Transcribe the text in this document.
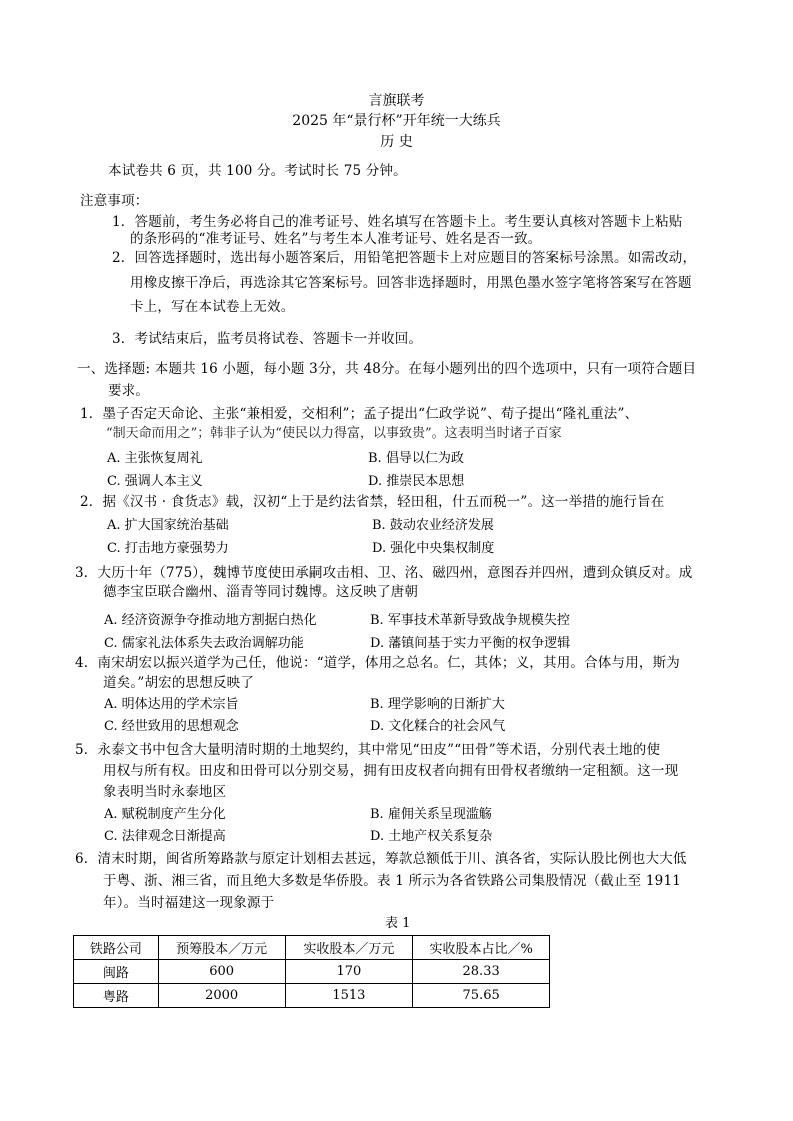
言旗联考
2025 年“景行杯”开年统一大练兵
历 史
本试卷共 6 页，共 100 分。考试时长 75 分钟。
注意事项：
1．答题前，考生务必将自己的准考证号、姓名填写在答题卡上。考生要认真核对答题卡上粘贴
的条形码的“准考证号、姓名”与考生本人准考证号、姓名是否一致。
2．回答选择题时，选出每小题答案后，用铅笔把答题卡上对应题目的答案标号涂黑。如需改动，
用橡皮擦干净后，再选涂其它答案标号。回答非选择题时，用黑色墨水签字笔将答案写在答题
卡上，写在本试卷上无效。
3．考试结束后，监考员将试卷、答题卡一并收回。
一、选择题: 本题共 16 小题，每小题 3分，共 48分。在每小题列出的四个选项中，只有一项符合题目
要求。
1．墨子否定天命论、主张“兼相爱，交相利”；孟子提出“仁政学说”、荀子提出“隆礼重法”、
“制天命而用之”；韩非子认为“使民以力得富，以事致贵”。这表明当时诸子百家
A. 主张恢复周礼	B. 倡导以仁为政
C. 强调人本主义	D. 推崇民本思想
2．据《汉书 · 食货志》载，汉初“上于是约法省禁，轻田租，什五而税一”。这一举措的施行旨在
A. 扩大国家统治基础	B. 鼓动农业经济发展
C. 打击地方豪强势力	D. 强化中央集权制度
3．大历十年（775），魏博节度使田承嗣攻击相、卫、洺、磁四州，意图吞并四州，遭到众镇反对。成
德李宝臣联合幽州、淄青等同讨魏博。这反映了唐朝
A. 经济资源争夺推动地方割据白热化	B. 军事技术革新导致战争规模失控
C. 儒家礼法体系失去政治调解功能	D. 藩镇间基于实力平衡的权争逻辑
4．南宋胡宏以振兴道学为己任，他说：“道学，体用之总名。仁，其体；义，其用。合体与用，斯为
道矣。”胡宏的思想反映了
A. 明体达用的学术宗旨	B. 理学影响的日渐扩大
C. 经世致用的思想观念	D. 文化糅合的社会风气
5．永泰文书中包含大量明清时期的土地契约，其中常见“田皮”“田骨”等术语，分别代表土地的使
用权与所有权。田皮和田骨可以分别交易，拥有田皮权者向拥有田骨权者缴纳一定租额。这一现
象表明当时永泰地区
A. 赋税制度产生分化	B. 雇佣关系呈现滥觞
C. 法律观念日渐提高	D. 土地产权关系复杂
6．清末时期，闽省所筹路款与原定计划相去甚远，筹款总额低于川、滇各省，实际认股比例也大大低
于粤、浙、湘三省，而且绝大多数是华侨股。表 1 所示为各省铁路公司集股情况（截止至 1911
年）。当时福建这一现象源于
表 1
铁路公司	预筹股本／万元	实收股本／万元	实收股本占比／%
闽路	600	170	28.33
粤路	2000	1513	75.65
